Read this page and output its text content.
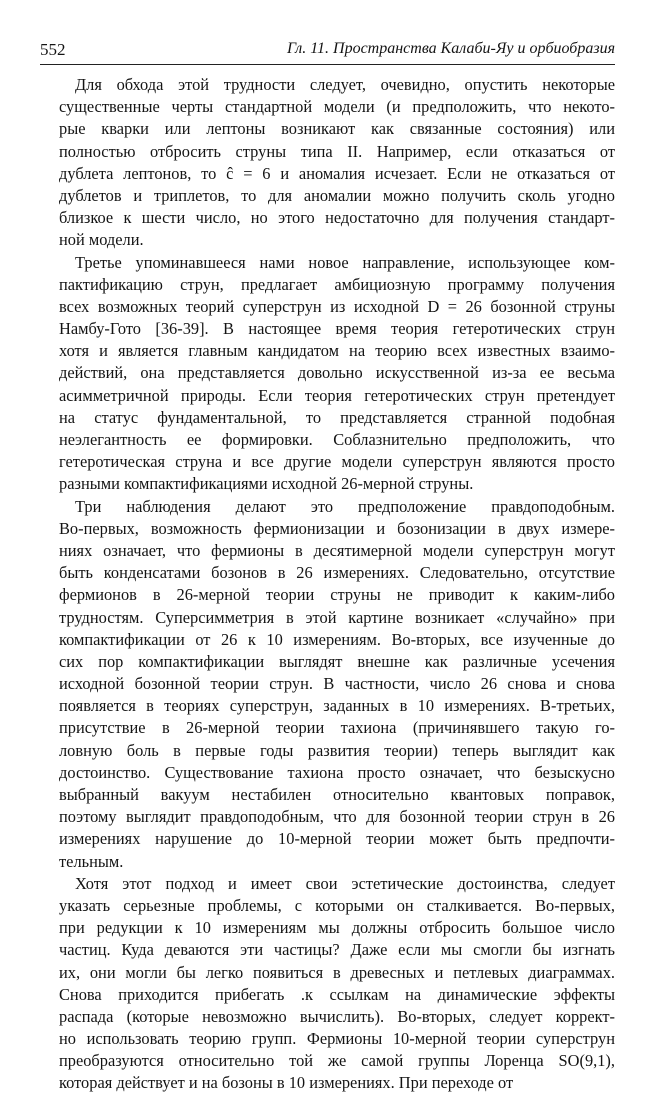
552	Гл. 11. Пространства Калаби-Яу и орбиобразия
Для обхода этой трудности следует, очевидно, опустить некоторые
существенные черты стандартной модели (и предположить, что некото-
рые кварки или лептоны возникают как связанные состояния) или
полностью отбросить струны типа II. Например, если отказаться от
дублета лептонов, то ĉ = 6 и аномалия исчезает. Если не отказаться от
дублетов и триплетов, то для аномалии можно получить сколь угодно
близкое к шести число, но этого недостаточно для получения стандарт-
ной модели.
Третье упоминавшееся нами новое направление, использующее ком-
пактификацию струн, предлагает амбициозную программу получения
всех возможных теорий суперструн из исходной D = 26 бозонной струны
Намбу-Гото [36-39]. В настоящее время теория гетеротических струн
хотя и является главным кандидатом на теорию всех известных взаимо-
действий, она представляется довольно искусственной из-за ее весьма
асимметричной природы. Если теория гетеротических струн претендует
на статус фундаментальной, то представляется странной подобная
неэлегантность ее формировки. Соблазнительно предположить, что
гетеротическая струна и все другие модели суперструн являются просто
разными компактификациями исходной 26-мерной струны.
Три наблюдения делают это предположение правдоподобным.
Во-первых, возможность фермионизации и бозонизации в двух измере-
ниях означает, что фермионы в десятимерной модели суперструн могут
быть конденсатами бозонов в 26 измерениях. Следовательно, отсутствие
фермионов в 26-мерной теории струны не приводит к каким-либо
трудностям. Суперсимметрия в этой картине возникает «случайно» при
компактификации от 26 к 10 измерениям. Во-вторых, все изученные до
сих пор компактификации выглядят внешне как различные усечения
исходной бозонной теории струн. В частности, число 26 снова и снова
появляется в теориях суперструн, заданных в 10 измерениях. В-третьих,
присутствие в 26-мерной теории тахиона (причинявшего такую го-
ловную боль в первые годы развития теории) теперь выглядит как
достоинство. Существование тахиона просто означает, что безыскусно
выбранный вакуум нестабилен относительно квантовых поправок,
поэтому выглядит правдоподобным, что для бозонной теории струн в 26
измерениях нарушение до 10-мерной теории может быть предпочти-
тельным.
Хотя этот подход и имеет свои эстетические достоинства, следует
указать серьезные проблемы, с которыми он сталкивается. Во-первых,
при редукции к 10 измерениям мы должны отбросить большое число
частиц. Куда деваются эти частицы? Даже если мы смогли бы изгнать
их, они могли бы легко появиться в древесных и петлевых диаграммах.
Снова приходится прибегать .к ссылкам на динамические эффекты
распада (которые невозможно вычислить). Во-вторых, следует коррект-
но использовать теорию групп. Фермионы 10-мерной теории суперструн
преобразуются относительно той же самой группы Лоренца SO(9,1),
которая действует и на бозоны в 10 измерениях. При переходе от
